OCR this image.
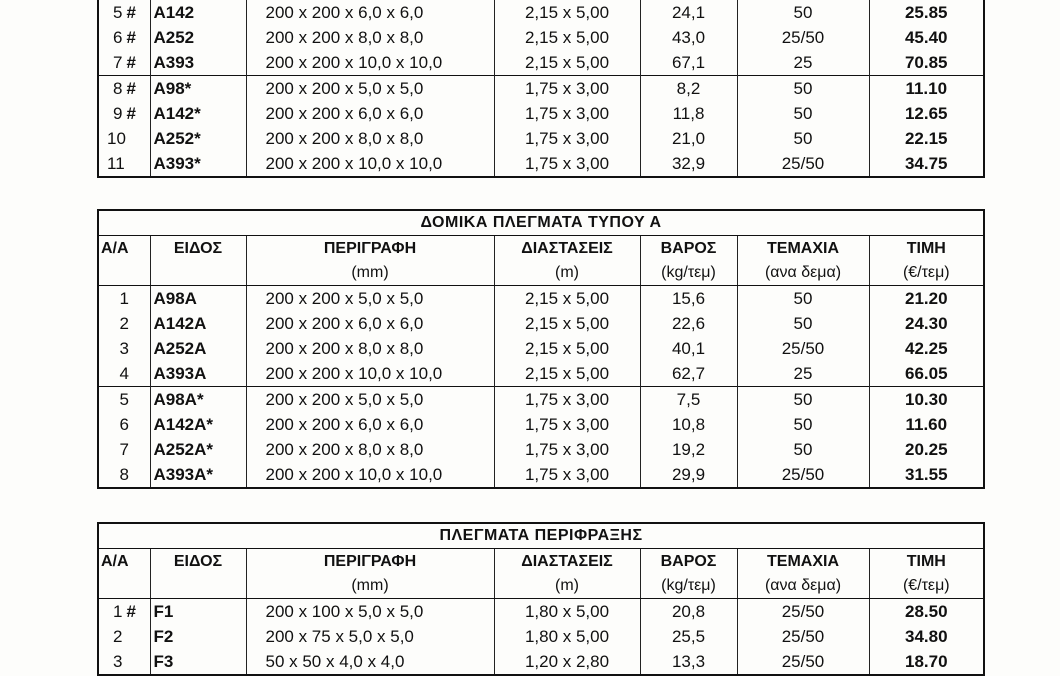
5 #	A142	200 x 200 x 6,0 x 6,0	2,15 x 5,00	24,1	50	25.85
6 #	A252	200 x 200 x 8,0 x 8,0	2,15 x 5,00	43,0	25/50	45.40
7 #	A393	200 x 200 x 10,0 x 10,0	2,15 x 5,00	67,1	25	70.85
8 #	A98*	200 x 200 x 5,0 x 5,0	1,75 x 3,00	8,2	50	11.10
9 #	A142*	200 x 200 x 6,0 x 6,0	1,75 x 3,00	11,8	50	12.65
10	A252*	200 x 200 x 8,0 x 8,0	1,75 x 3,00	21,0	50	22.15
11	A393*	200 x 200 x 10,0 x 10,0	1,75 x 3,00	32,9	25/50	34.75
ΔΟΜΙΚΑ ΠΛΕΓΜΑΤΑ ΤΥΠΟΥ Α						
Α/Α	ΕΙΔΟΣ	ΠΕΡΙΓΡΑΦΗ	ΔΙΑΣΤΑΣΕΙΣ	ΒΑΡΟΣ	ΤΕΜΑΧΙΑ	ΤΙΜΗ
		(mm)	(m)	(kg/τεμ)	(ανα δεμα)	(€/τεμ)
1	A98A	200 x 200 x 5,0 x 5,0	2,15 x 5,00	15,6	50	21.20
2	A142A	200 x 200 x 6,0 x 6,0	2,15 x 5,00	22,6	50	24.30
3	A252A	200 x 200 x 8,0 x 8,0	2,15 x 5,00	40,1	25/50	42.25
4	A393A	200 x 200 x 10,0 x 10,0	2,15 x 5,00	62,7	25	66.05
5	A98A*	200 x 200 x 5,0 x 5,0	1,75 x 3,00	7,5	50	10.30
6	A142A*	200 x 200 x 6,0 x 6,0	1,75 x 3,00	10,8	50	11.60
7	A252A*	200 x 200 x 8,0 x 8,0	1,75 x 3,00	19,2	50	20.25
8	A393A*	200 x 200 x 10,0 x 10,0	1,75 x 3,00	29,9	25/50	31.55
ΠΛΕΓΜΑΤΑ ΠΕΡΙΦΡΑΞΗΣ						
Α/Α	ΕΙΔΟΣ	ΠΕΡΙΓΡΑΦΗ	ΔΙΑΣΤΑΣΕΙΣ	ΒΑΡΟΣ	ΤΕΜΑΧΙΑ	ΤΙΜΗ
		(mm)	(m)	(kg/τεμ)	(ανα δεμα)	(€/τεμ)
1 #	F1	200 x 100 x 5,0 x 5,0	1,80 x 5,00	20,8	25/50	28.50
2	F2	200 x 75 x 5,0 x 5,0	1,80 x 5,00	25,5	25/50	34.80
3	F3	50 x 50 x 4,0 x 4,0	1,20 x 2,80	13,3	25/50	18.70
